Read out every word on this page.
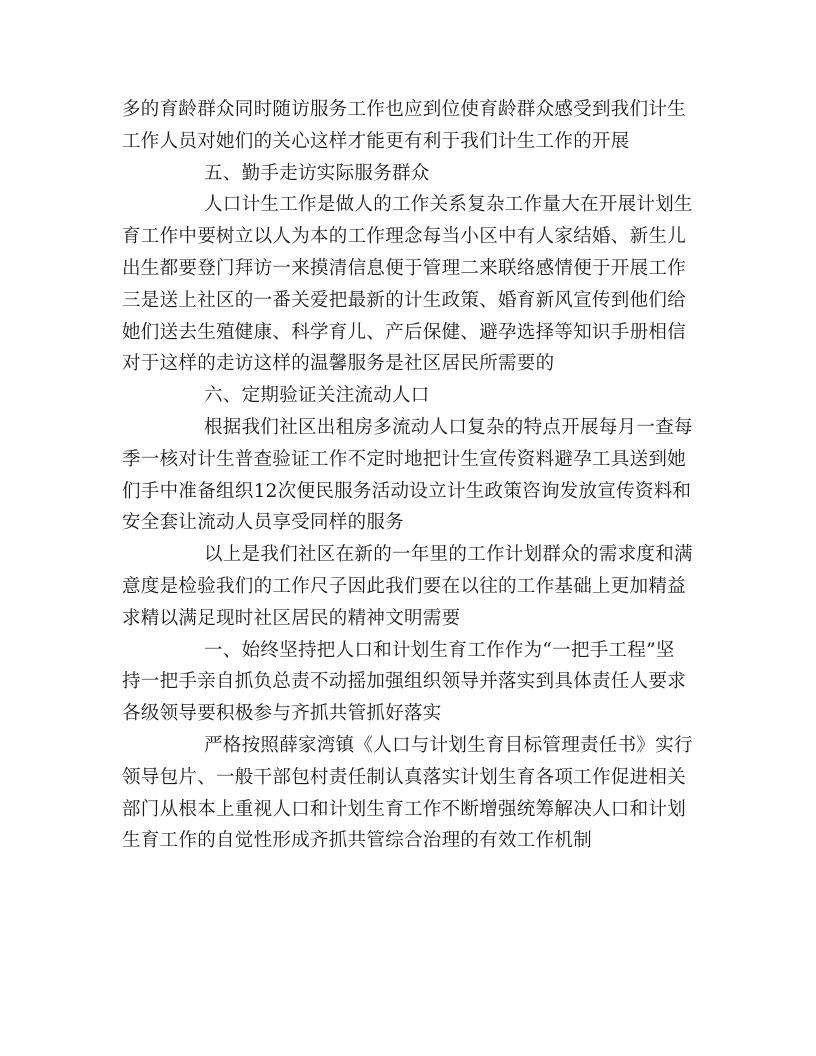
多的育龄群众同时随访服务工作也应到位使育龄群众感受到我们计生
工作人员对她们的关心这样才能更有利于我们计生工作的开展
五、勤手走访实际服务群众
人口计生工作是做人的工作关系复杂工作量大在开展计划生
育工作中要树立以人为本的工作理念每当小区中有人家结婚、新生儿
出生都要登门拜访一来摸清信息便于管理二来联络感情便于开展工作
三是送上社区的一番关爱把最新的计生政策、婚育新风宣传到他们给
她们送去生殖健康、科学育儿、产后保健、避孕选择等知识手册相信
对于这样的走访这样的温馨服务是社区居民所需要的
六、定期验证关注流动人口
根据我们社区出租房多流动人口复杂的特点开展每月一查每
季一核对计生普查验证工作不定时地把计生宣传资料避孕工具送到她
们手中准备组织12次便民服务活动设立计生政策咨询发放宣传资料和
安全套让流动人员享受同样的服务
以上是我们社区在新的一年里的工作计划群众的需求度和满
意度是检验我们的工作尺子因此我们要在以往的工作基础上更加精益
求精以满足现时社区居民的精神文明需要
一、始终坚持把人口和计划生育工作作为“一把手工程”坚
持一把手亲自抓负总责不动摇加强组织领导并落实到具体责任人要求
各级领导要积极参与齐抓共管抓好落实
严格按照薛家湾镇《人口与计划生育目标管理责任书》实行
领导包片、一般干部包村责任制认真落实计划生育各项工作促进相关
部门从根本上重视人口和计划生育工作不断增强统筹解决人口和计划
生育工作的自觉性形成齐抓共管综合治理的有效工作机制
